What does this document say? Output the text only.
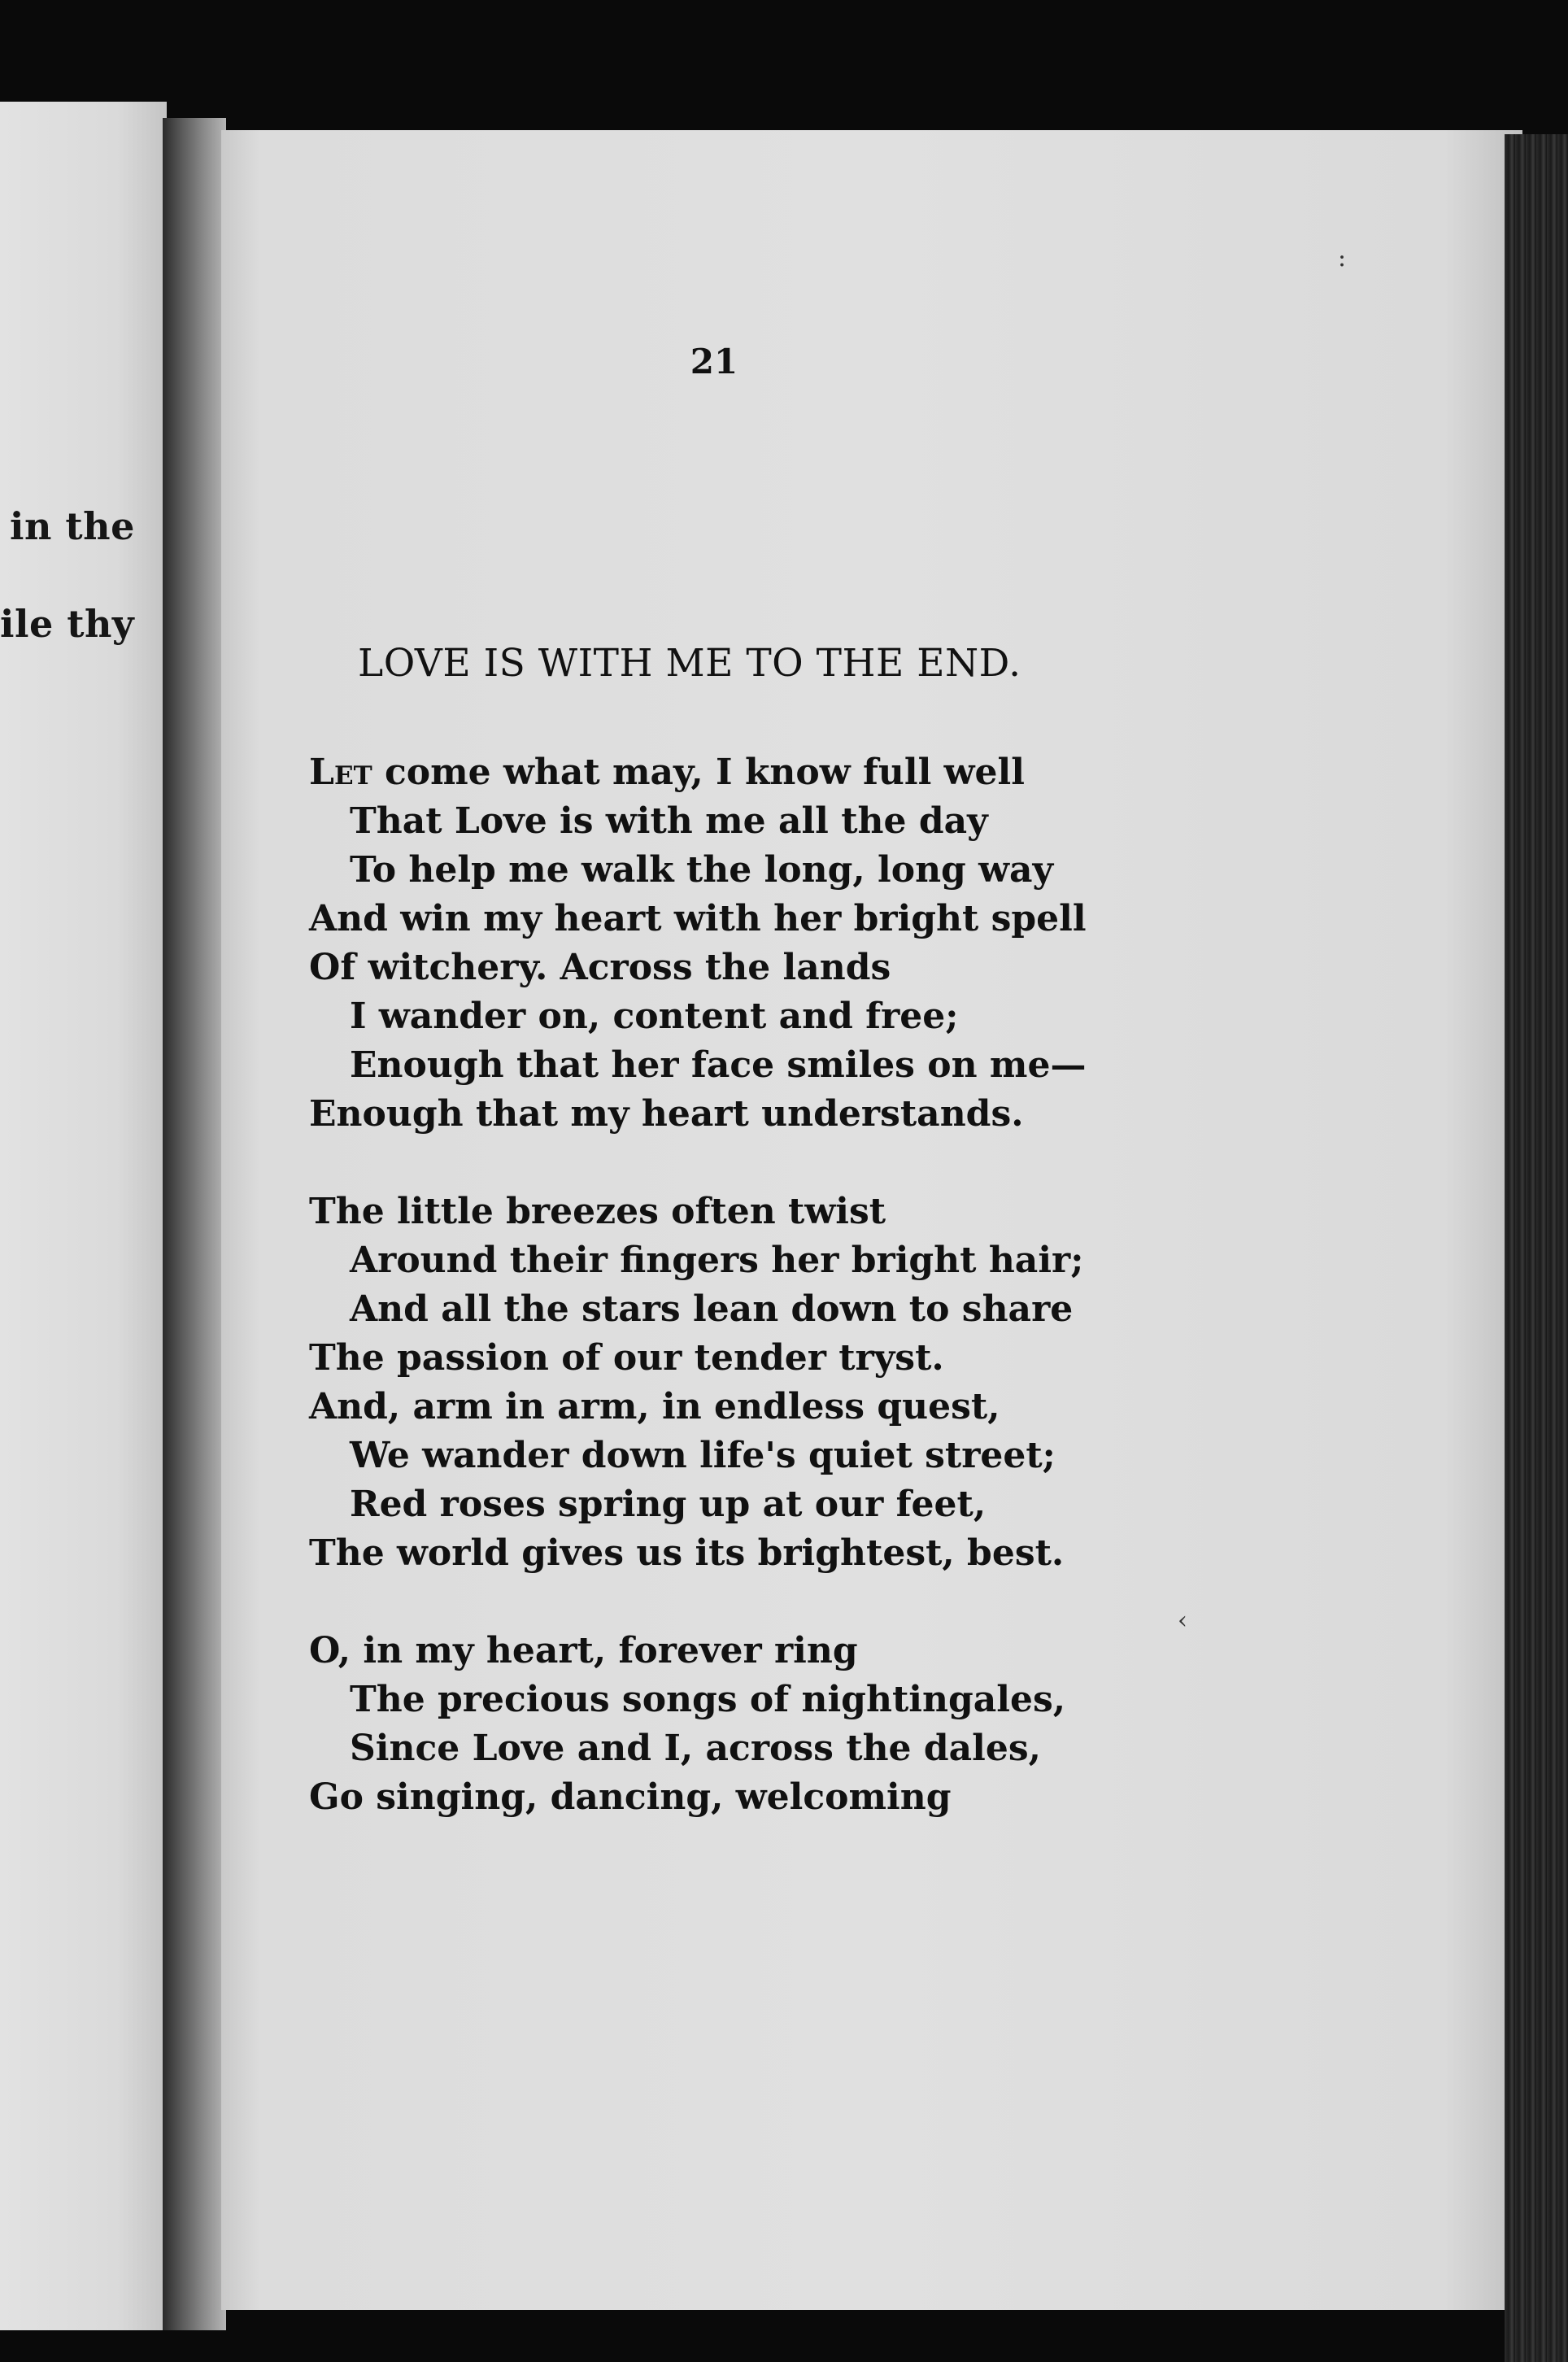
in the
ile thy
:
‹
21
LOVE IS WITH ME TO THE END.
Let come what may, I know full well
That Love is with me all the day
To help me walk the long, long way
And win my heart with her bright spell
Of witchery. Across the lands
I wander on, content and free;
Enough that her face smiles on me—
Enough that my heart understands.
The little breezes often twist
Around their fingers her bright hair;
And all the stars lean down to share
The passion of our tender tryst.
And, arm in arm, in endless quest,
We wander down life's quiet street;
Red roses spring up at our feet,
The world gives us its brightest, best.
O, in my heart, forever ring
The precious songs of nightingales,
Since Love and I, across the dales,
Go singing, dancing, welcoming
